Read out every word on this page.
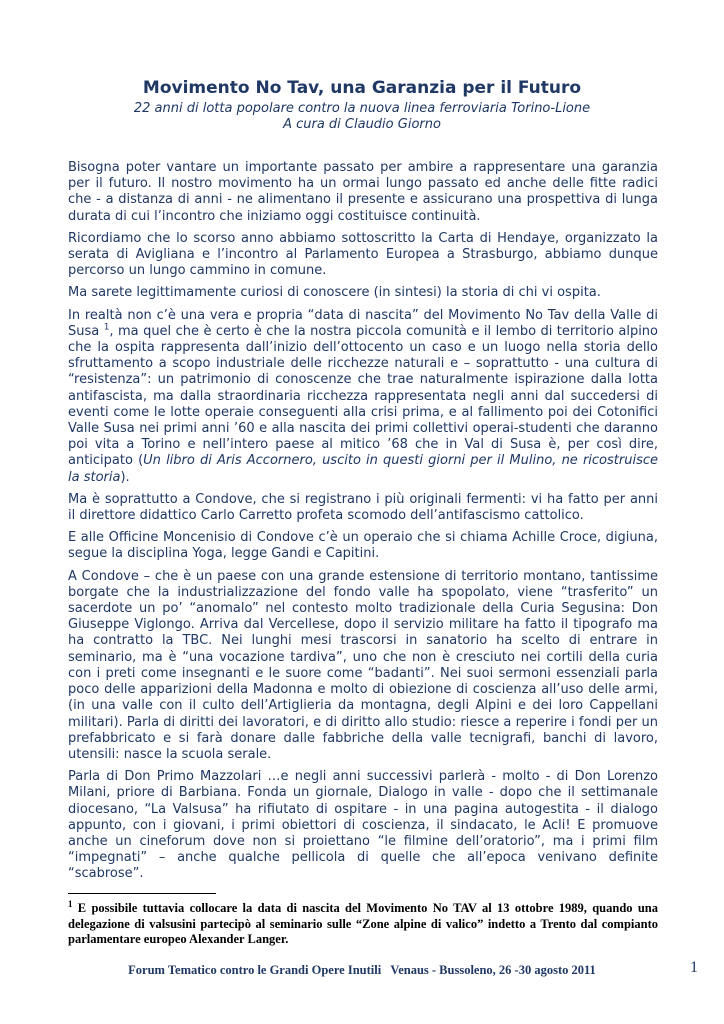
Movimento No Tav, una Garanzia per il Futuro
22 anni di lotta popolare contro la nuova linea ferroviaria Torino-Lione
A cura di Claudio Giorno

Bisogna poter vantare un importante passato per ambire a rappresentare una garanzia per il futuro. Il nostro movimento ha un ormai lungo passato ed anche delle fitte radici che - a distanza di anni - ne alimentano il presente e assicurano una prospettiva di lunga durata di cui l’incontro che iniziamo oggi costituisce continuità.

Ricordiamo che lo scorso anno abbiamo sottoscritto la Carta di Hendaye, organizzato la serata di Avigliana e l’incontro al Parlamento Europea a Strasburgo, abbiamo dunque percorso un lungo cammino in comune.

Ma sarete legittimamente curiosi di conoscere (in sintesi) la storia di chi vi ospita.

In realtà non c’è una vera e propria “data di nascita” del Movimento No Tav della Valle di Susa $^1$, ma quel che è certo è che la nostra piccola comunità e il lembo di territorio alpino che la ospita rappresenta dall’inizio dell’ottocento un caso e un luogo nella storia dello sfruttamento a scopo industriale delle ricchezze naturali e – soprattutto - una cultura di “resistenza”: un patrimonio di conoscenze che trae naturalmente ispirazione dalla lotta antifascista, ma dalla straordinaria ricchezza rappresentata negli anni dal succedersi di eventi come le lotte operaie conseguenti alla crisi prima, e al fallimento poi dei Cotonifici Valle Susa nei primi anni ’60 e alla nascita dei primi collettivi operai-studenti che daranno poi vita a Torino e nell’intero paese al mitico ’68 che in Val di Susa è, per così dire, anticipato (Un libro di Aris Accornero, uscito in questi giorni per il Mulino, ne ricostruisce la storia).

Ma è soprattutto a Condove, che si registrano i più originali fermenti: vi ha fatto per anni il direttore didattico Carlo Carretto profeta scomodo dell’antifascismo cattolico.

E alle Officine Moncenisio di Condove c’è un operaio che si chiama Achille Croce, digiuna, segue la disciplina Yoga, legge Gandi e Capitini.

A Condove – che è un paese con una grande estensione di territorio montano, tantissime borgate che la industrializzazione del fondo valle ha spopolato, viene “trasferito” un sacerdote un po’ “anomalo” nel contesto molto tradizionale della Curia Segusina: Don Giuseppe Viglongo. Arriva dal Vercellese, dopo il servizio militare ha fatto il tipografo ma ha contratto la TBC. Nei lunghi mesi trascorsi in sanatorio ha scelto di entrare in seminario, ma è “una vocazione tardiva”, uno che non è cresciuto nei cortili della curia con i preti come insegnanti e le suore come “badanti”. Nei suoi sermoni essenziali parla poco delle apparizioni della Madonna e molto di obiezione di coscienza all’uso delle armi, (in una valle con il culto dell’Artiglieria da montagna, degli Alpini e dei loro Cappellani militari). Parla di diritti dei lavoratori, e di diritto allo studio: riesce a reperire i fondi per un prefabbricato e si farà donare dalle fabbriche della valle tecnigrafi, banchi di lavoro, utensili: nasce la scuola serale.

Parla di Don Primo Mazzolari …e negli anni successivi parlerà - molto - di Don Lorenzo Milani, priore di Barbiana. Fonda un giornale, Dialogo in valle - dopo che il settimanale diocesano, “La Valsusa” ha rifiutato di ospitare - in una pagina autogestita - il dialogo appunto, con i giovani, i primi obiettori di coscienza, il sindacato, le Acli! E promuove anche un cineforum dove non si proiettano “le filmine dell’oratorio”, ma i primi film “impegnati” – anche qualche pellicola di quelle che all’epoca venivano definite “scabrose”.

$^1$ E possibile tuttavia collocare la data di nascita del Movimento No TAV al 13 ottobre 1989, quando una delegazione di valsusini partecipò al seminario sulle “Zone alpine di valico” indetto a Trento dal compianto parlamentare europeo Alexander Langer.
Forum Tematico contro le Grandi Opere Inutili   Venaus - Bussoleno, 26 -30 agosto 2011	1
